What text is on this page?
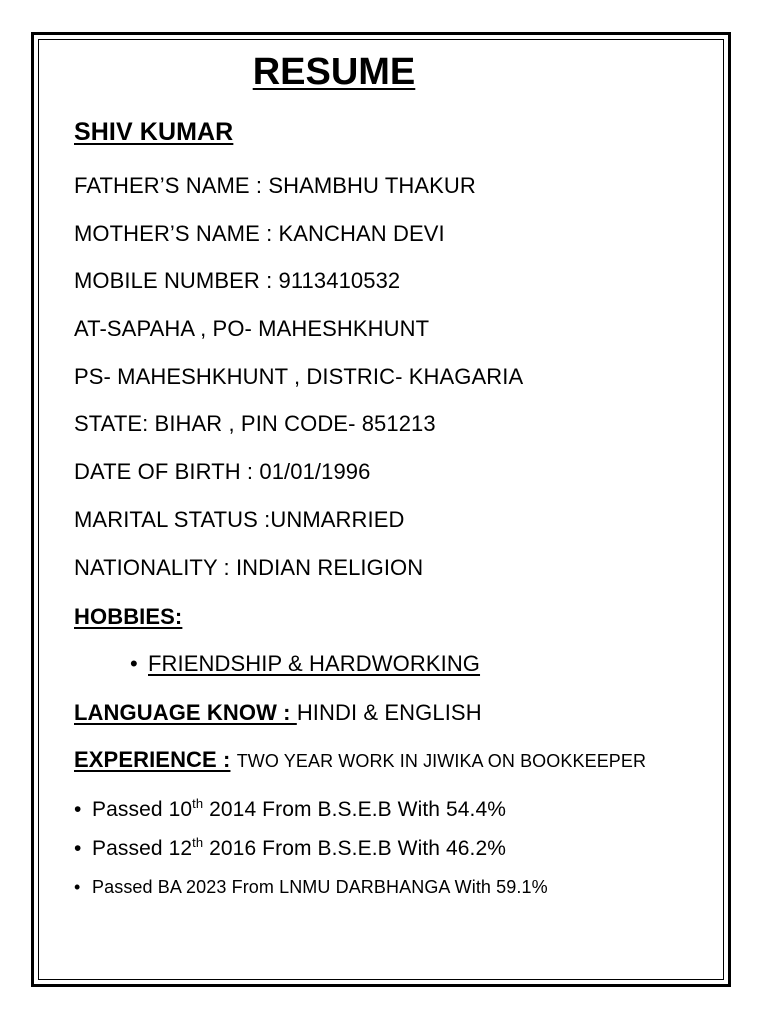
RESUME
SHIV KUMAR
FATHER’S NAME : SHAMBHU THAKUR
MOTHER’S NAME : KANCHAN DEVI
MOBILE NUMBER : 9113410532
AT-SAPAHA , PO- MAHESHKHUNT
PS- MAHESHKHUNT , DISTRIC- KHAGARIA
STATE: BIHAR , PIN CODE- 851213
DATE OF BIRTH : 01/01/1996
MARITAL STATUS :UNMARRIED
NATIONALITY : INDIAN RELIGION
HOBBIES:
• FRIENDSHIP & HARDWORKING
LANGUAGE KNOW : HINDI & ENGLISH
EXPERIENCE : TWO YEAR WORK IN JIWIKA ON BOOKKEEPER
• Passed 10th 2014 From B.S.E.B With 54.4%
• Passed 12th 2016 From B.S.E.B With 46.2%
• Passed BA 2023 From LNMU DARBHANGA With 59.1%
